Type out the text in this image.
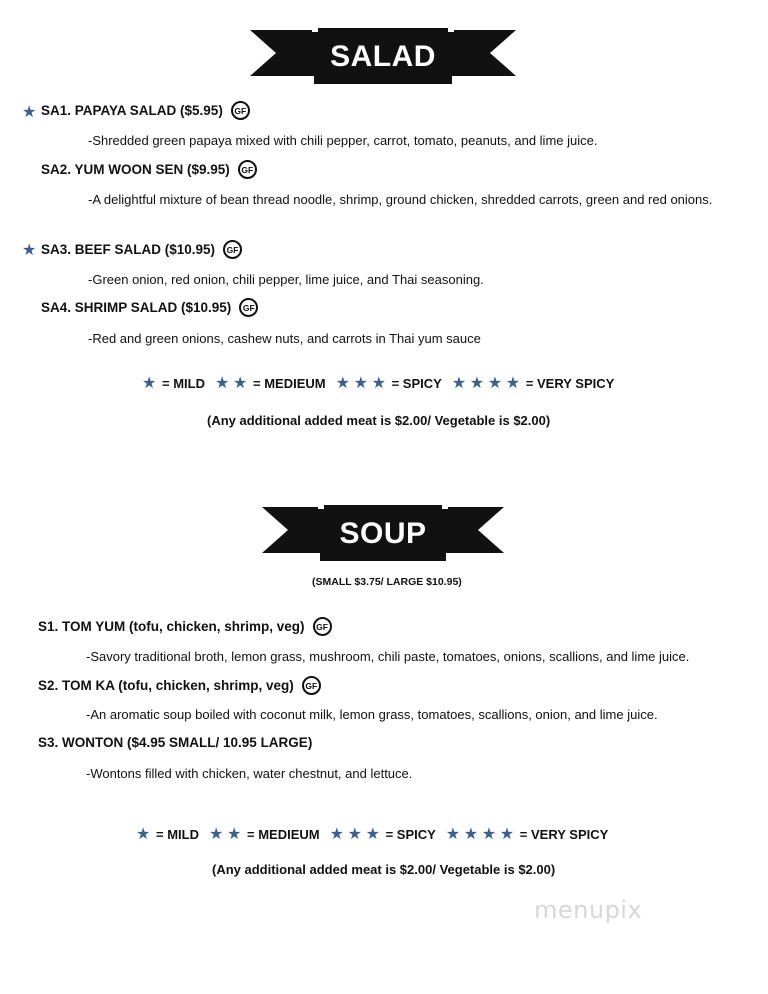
SALAD
★ SA1. PAPAYA SALAD ($5.95)	GF
-Shredded green papaya mixed with chili pepper, carrot, tomato, peanuts, and lime juice.
SA2. YUM WOON SEN ($9.95)	GF
-A delightful mixture of bean thread noodle, shrimp, ground chicken, shredded carrots, green and red onions.
★ SA3. BEEF SALAD ($10.95)	GF
-Green onion, red onion, chili pepper, lime juice, and Thai seasoning.
SA4. SHRIMP SALAD ($10.95)	GF
-Red and green onions, cashew nuts, and carrots in Thai yum sauce
★ = MILD ★ ★ = MEDIEUM ★ ★ ★ = SPICY ★ ★ ★ ★ = VERY SPICY
(Any additional added meat is $2.00/ Vegetable is $2.00)
SOUP
(SMALL $3.75/ LARGE $10.95)
S1. TOM YUM (tofu, chicken, shrimp, veg)	GF
-Savory traditional broth, lemon grass, mushroom, chili paste, tomatoes, onions, scallions, and lime juice.
S2. TOM KA (tofu, chicken, shrimp, veg)	GF
-An aromatic soup boiled with coconut milk, lemon grass, tomatoes, scallions, onion, and lime juice.
S3. WONTON ($4.95 SMALL/ 10.95 LARGE)
-Wontons filled with chicken, water chestnut, and lettuce.
★ = MILD ★ ★ = MEDIEUM ★ ★ ★ = SPICY ★ ★ ★ ★ = VERY SPICY
(Any additional added meat is $2.00/ Vegetable is $2.00)
menupix
